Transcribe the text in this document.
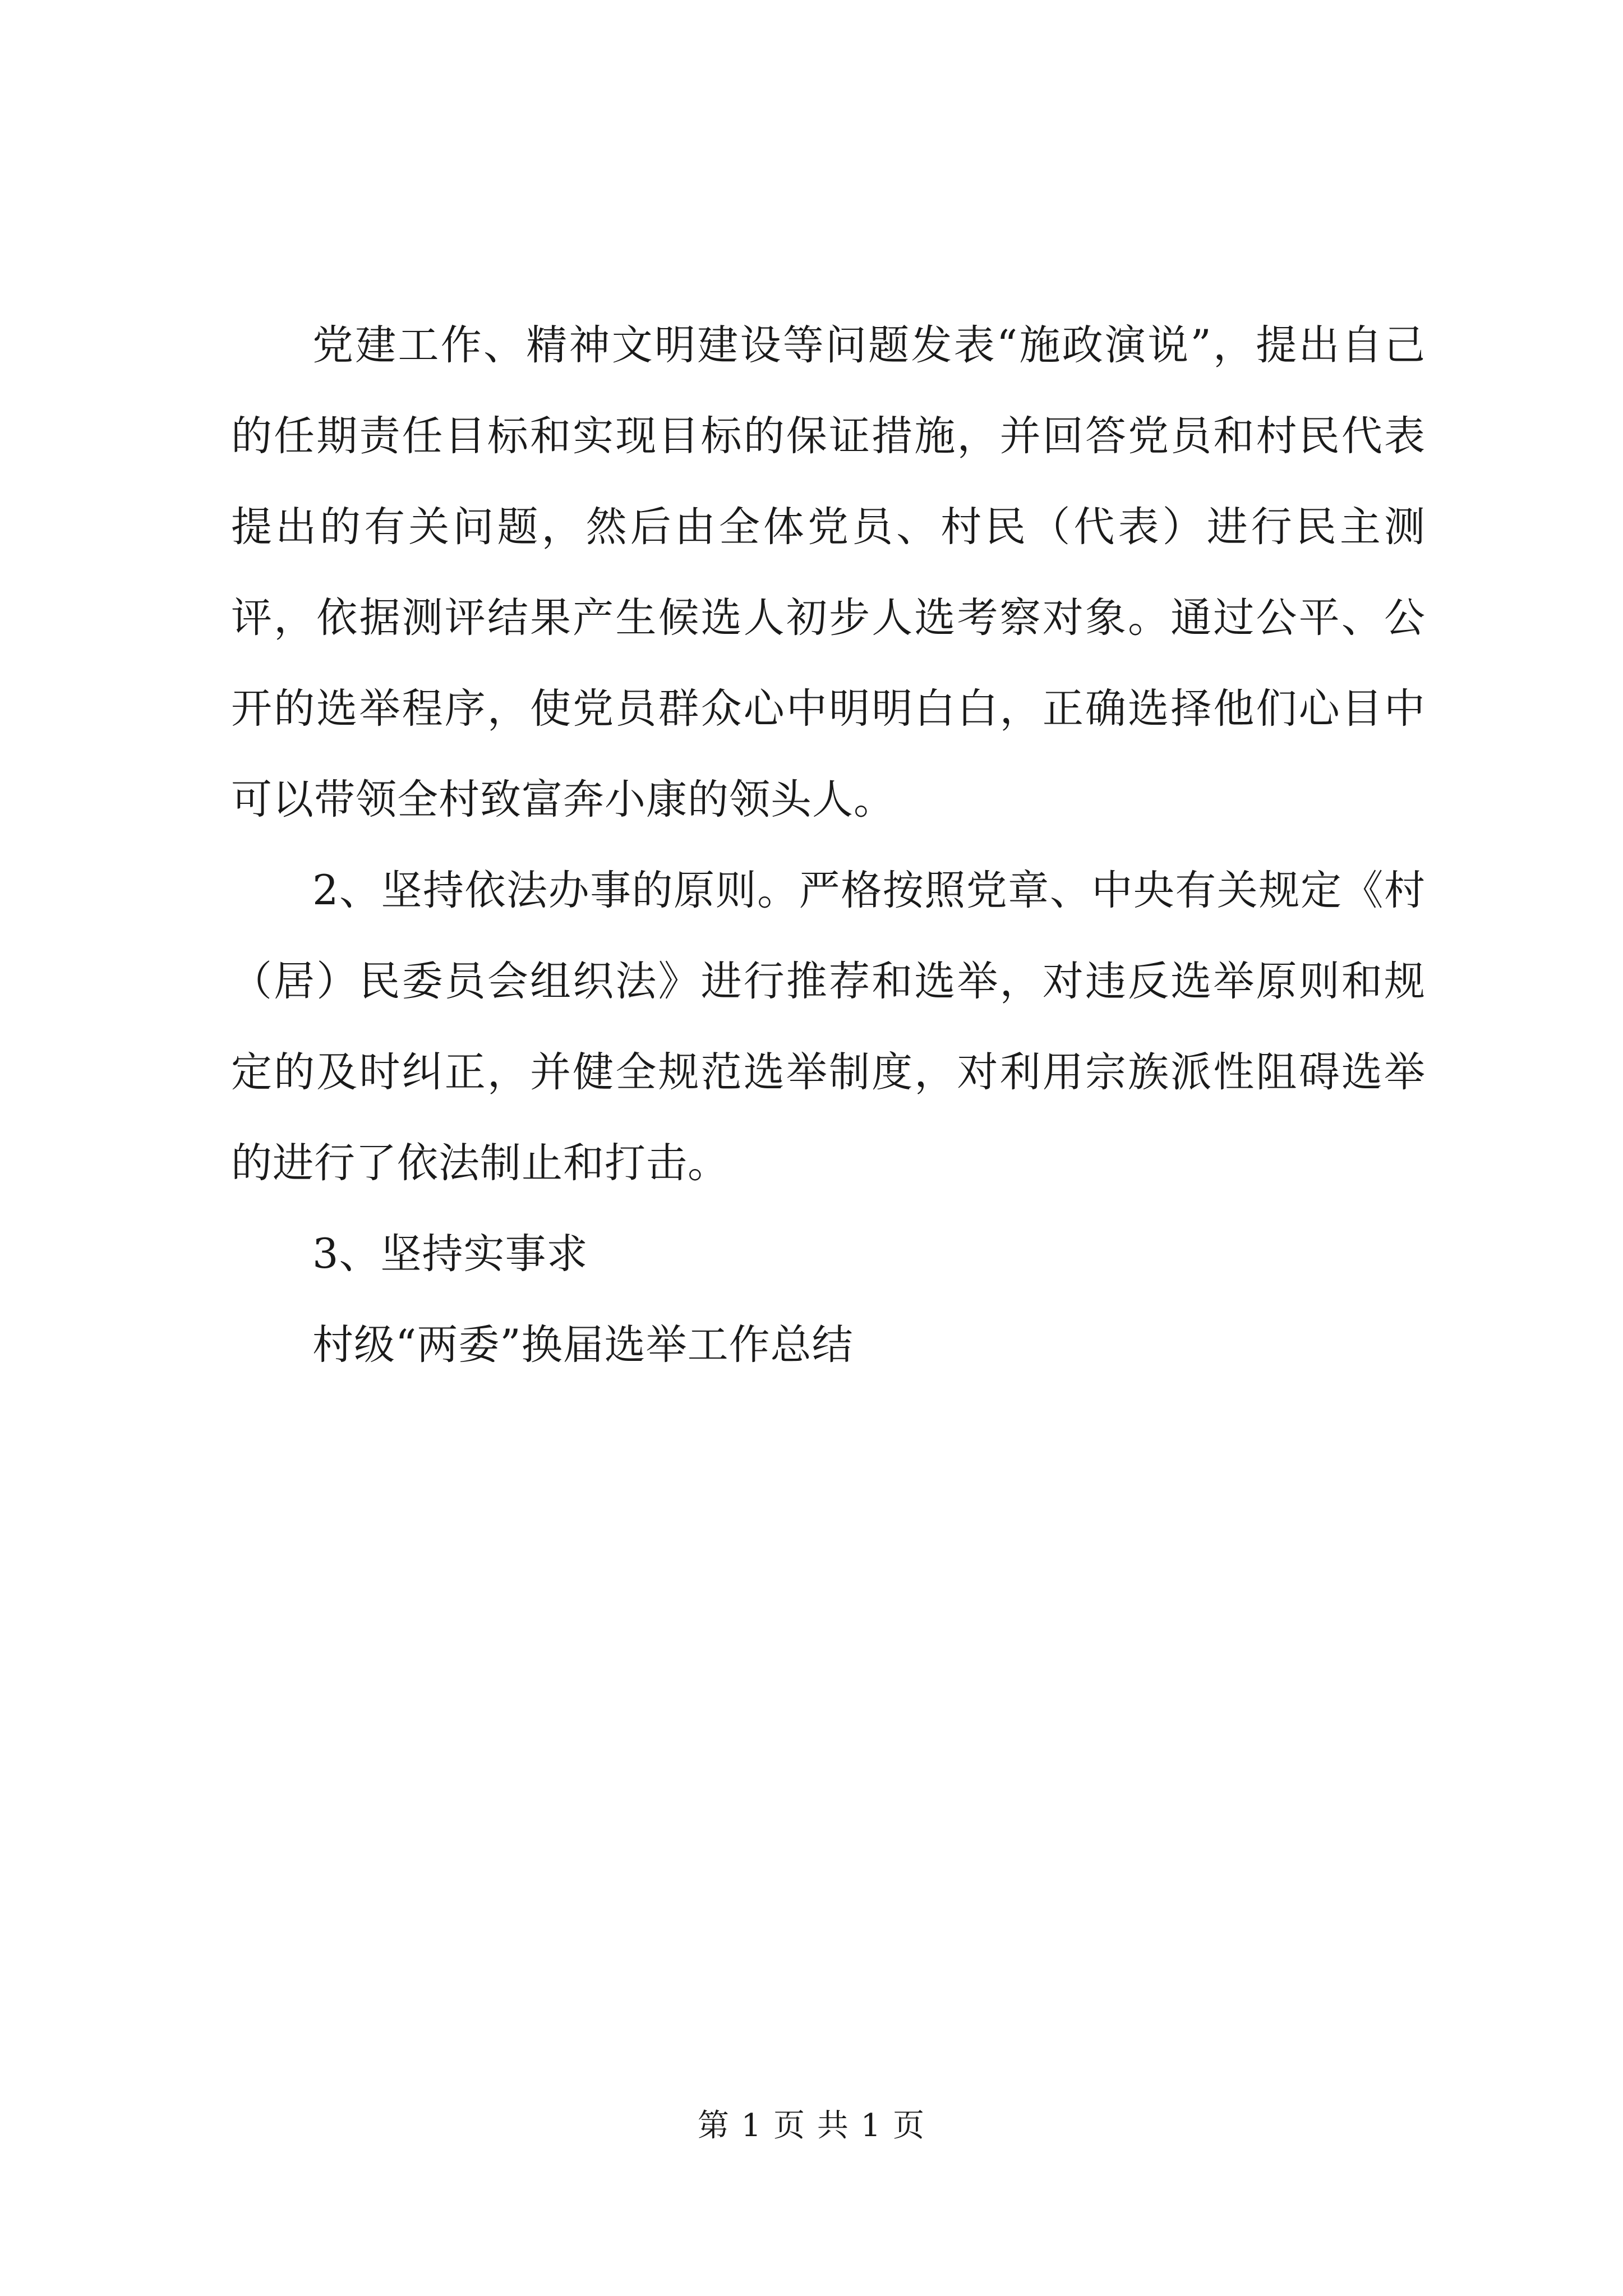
党建工作、精神文明建设等问题发表“施政演说”，提出自己的任期责任目标和实现目标的保证措施，并回答党员和村民代表提出的有关问题，然后由全体党员、村民（代表）进行民主测评，依据测评结果产生候选人初步人选考察对象。通过公平、公开的选举程序，使党员群众心中明明白白，正确选择他们心目中可以带领全村致富奔小康的领头人。

2、坚持依法办事的原则。严格按照党章、中央有关规定《村（居）民委员会组织法》进行推荐和选举，对违反选举原则和规定的及时纠正，并健全规范选举制度，对利用宗族派性阻碍选举的进行了依法制止和打击。

3、坚持实事求

村级“两委”换届选举工作总结

第 1 页 共 1 页
